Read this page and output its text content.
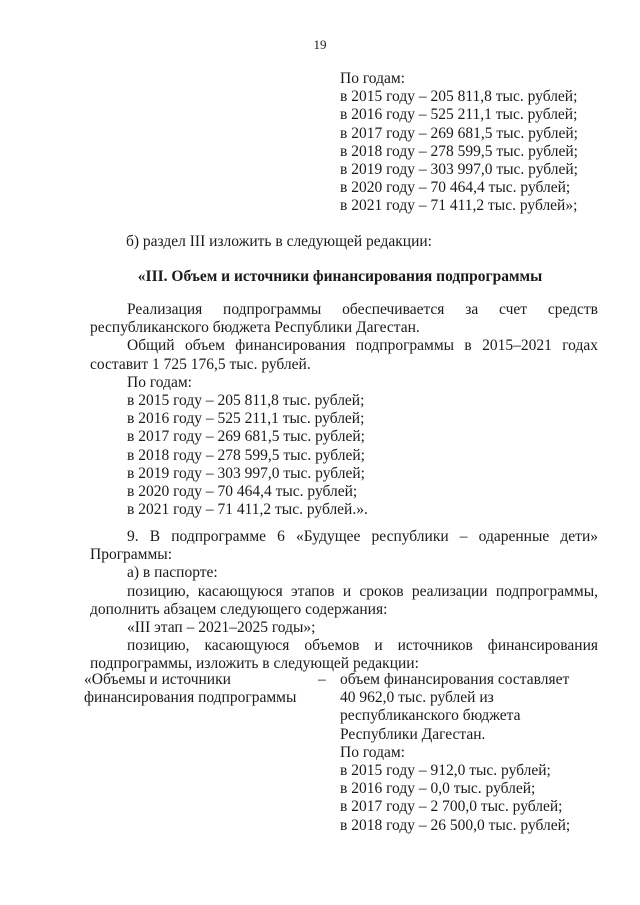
19
По годам:
в 2015 году – 205 811,8 тыс. рублей;
в 2016 году – 525 211,1 тыс. рублей;
в 2017 году – 269 681,5 тыс. рублей;
в 2018 году – 278 599,5 тыс. рублей;
в 2019 году – 303 997,0 тыс. рублей;
в 2020 году – 70 464,4 тыс. рублей;
в 2021 году – 71 411,2 тыс. рублей»;
б) раздел III изложить в следующей редакции:
«III. Объем и источники финансирования подпрограммы
Реализация подпрограммы обеспечивается за счет средств
республиканского бюджета Республики Дагестан.
Общий объем финансирования подпрограммы в 2015–2021 годах
составит 1 725 176,5 тыс. рублей.
По годам:
в 2015 году – 205 811,8 тыс. рублей;
в 2016 году – 525 211,1 тыс. рублей;
в 2017 году – 269 681,5 тыс. рублей;
в 2018 году – 278 599,5 тыс. рублей;
в 2019 году – 303 997,0 тыс. рублей;
в 2020 году – 70 464,4 тыс. рублей;
в 2021 году – 71 411,2 тыс. рублей.».
9. В подпрограмме 6 «Будущее республики – одаренные дети»
Программы:
а) в паспорте:
позицию, касающуюся этапов и сроков реализации подпрограммы,
дополнить абзацем следующего содержания:
«III этап – 2021–2025 годы»;
позицию, касающуюся объемов и источников финансирования
подпрограммы, изложить в следующей редакции:
«Объемы и источники
финансирования подпрограммы
– объем финансирования составляет
40 962,0 тыс. рублей из
республиканского бюджета
Республики Дагестан.
По годам:
в 2015 году – 912,0 тыс. рублей;
в 2016 году – 0,0 тыс. рублей;
в 2017 году – 2 700,0 тыс. рублей;
в 2018 году – 26 500,0 тыс. рублей;
